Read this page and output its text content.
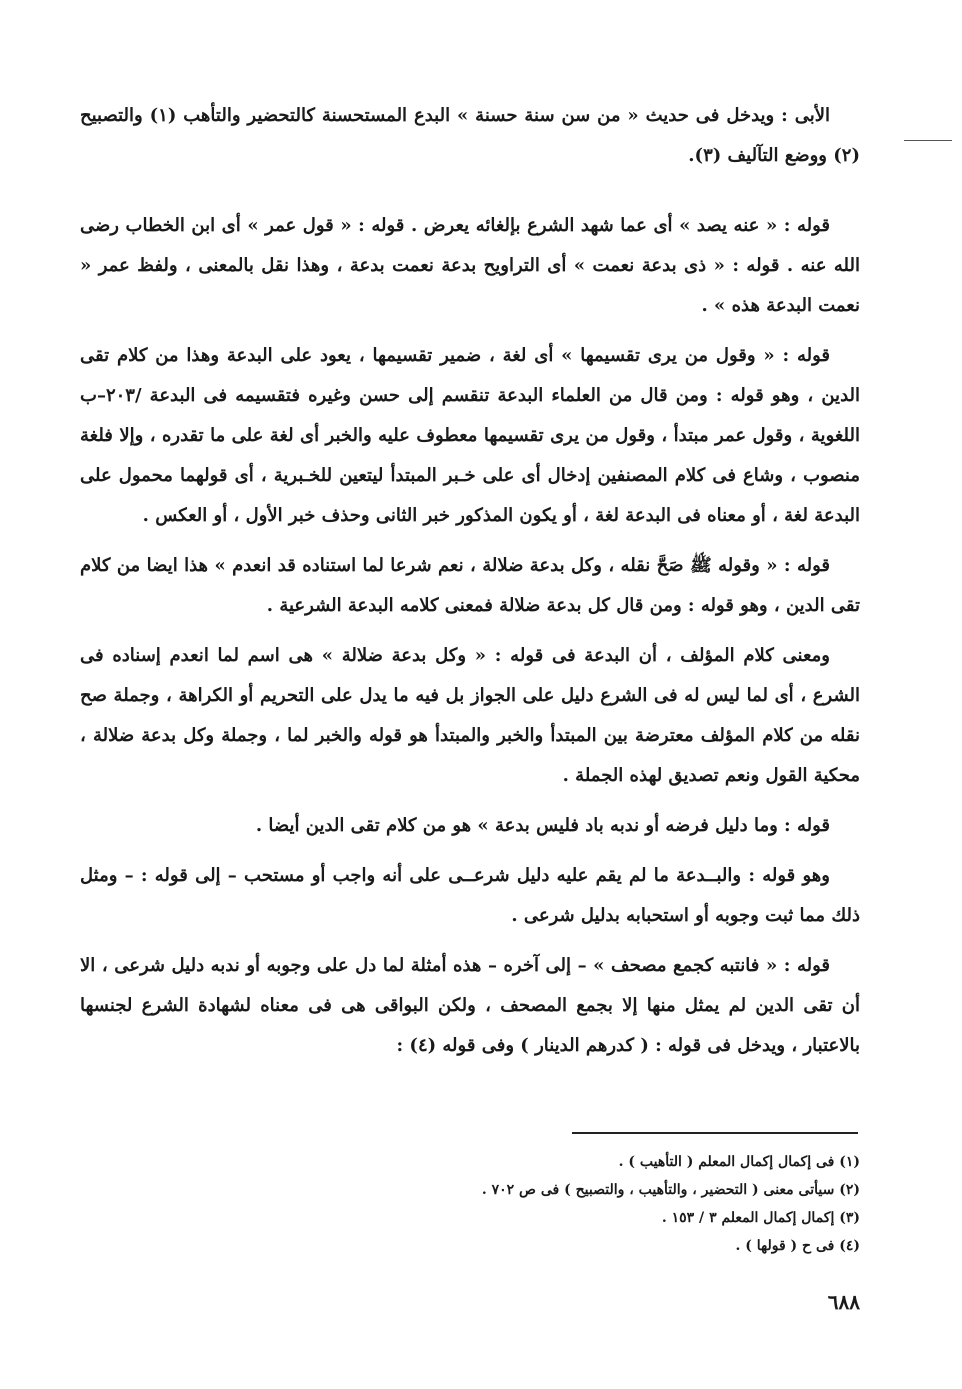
الأبى : ويدخل فى حديث « من سن سنة حسنة » البدع المستحسنة كالتحضير والتأهب (١) والتصبيح (٢) ووضع التآليف (٣).

قوله : « عنه يصد » أى عما شهد الشرع بإلغائه يعرض . قوله : « قول عمر » أى ابن الخطاب رضى الله عنه . قوله : « ذى بدعة نعمت » أى التراويح بدعة نعمت بدعة ، وهذا نقل بالمعنى ، ولفظ عمر « نعمت البدعة هذه » .

قوله : « وقول من يرى تقسيمها » أى لغة ، ضمير تقسيمها ، يعود على البدعة وهذا من كلام تقى الدين ، وهو قوله : ومن قال من العلماء البدعة تنقسم إلى حسن وغيره فتقسيمه فى البدعة /٢٠٣–ب اللغوية ، وقول عمر مبتدأ ، وقول من يرى تقسيمها معطوف عليه والخبر أى لغة على ما تقدره ، وإلا فلغة منصوب ، وشاع فى كلام المصنفين إدخال أى على خـبر المبتدأ ليتعين للخـبرية ، أى قولهما محمول على البدعة لغة ، أو معناه فى البدعة لغة ، أو يكون المذكور خبر الثانى وحذف خبر الأول ، أو العكس .

قوله : « وقوله ﷺ صَحَّ نقله ، وكل بدعة ضلالة ، نعم شرعا لما استناده قد انعدم » هذا ايضا من كلام تقى الدين ، وهو قوله : ومن قال كل بدعة ضلالة فمعنى كلامه البدعة الشرعية .

ومعنى كلام المؤلف ، أن البدعة فى قوله : « وكل بدعة ضلالة » هى اسم لما انعدم إسناده فى الشرع ، أى لما ليس له فى الشرع دليل على الجواز بل فيه ما يدل على التحريم أو الكراهة ، وجملة صح نقله من كلام المؤلف معترضة بين المبتدأ والخبر والمبتدأ هو قوله والخبر لما ، وجملة وكل بدعة ضلالة ، محكية القول ونعم تصديق لهذه الجملة .

قوله : وما دليل فرضه أو ندبه باد فليس بدعة » هو من كلام تقى الدين أيضا .

وهو قوله : والبــدعة ما لم يقم عليه دليل شرعــى على أنه واجب أو مستحب – إلى قوله : – ومثل ذلك مما ثبت وجوبه أو استحبابه بدليل شرعى .

قوله : « فانتبه كجمع مصحف » – إلى آخره – هذه أمثلة لما دل على وجوبه أو ندبه دليل شرعى ، الا أن تقى الدين لم يمثل منها إلا بجمع المصحف ، ولكن البواقى هى فى معناه لشهادة الشرع لجنسها بالاعتبار ، ويدخل فى قوله : ( كدرهم الدينار ) وفى قوله (٤) :

(١) فى إكمال إكمال المعلم ( التأهيب ) .

(٢) سيأتى معنى ( التحضير ، والتأهيب ، والتصبيح ) فى ص ٧٠٢ .

(٣) إكمال إكمال المعلم ٣ / ١٥٣ .

(٤) فى ح ( قولها ) .

٦٨٨
